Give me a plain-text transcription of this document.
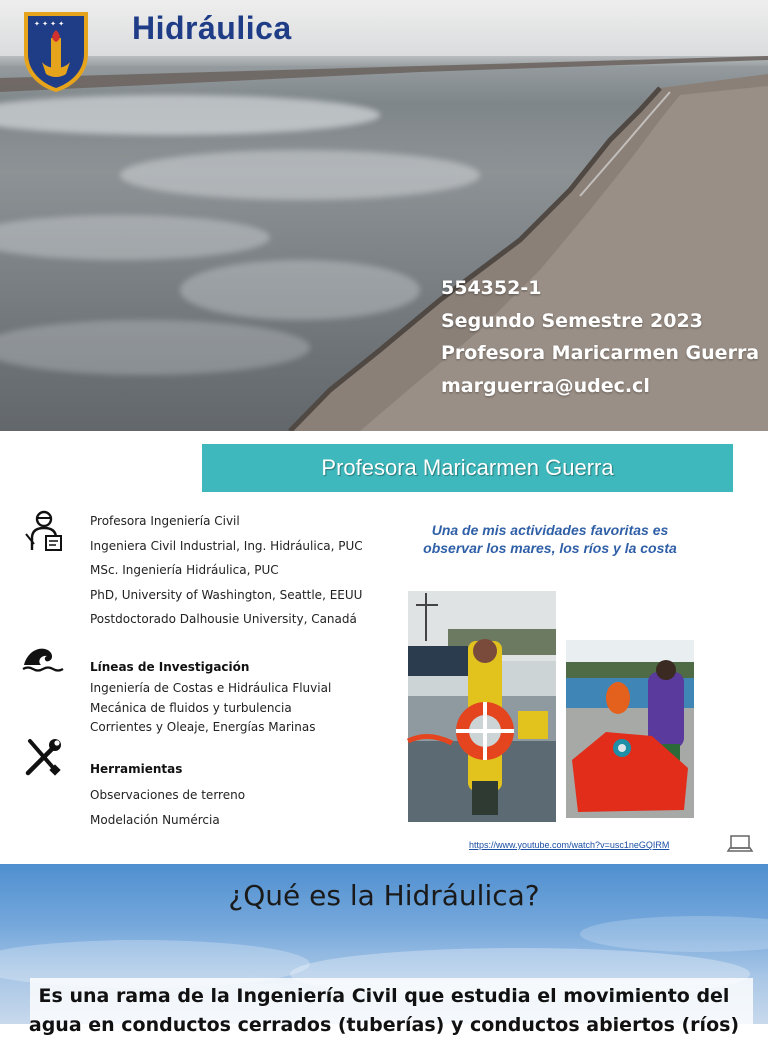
✦ ✦ ✦ ✦ Hidráulica
554352-1
Segundo Semestre 2023
Profesora Maricarmen Guerra
marguerra@udec.cl
Profesora Maricarmen Guerra
Profesora Ingeniería Civil
Ingeniera Civil Industrial, Ing. Hidráulica, PUC
MSc. Ingeniería Hidráulica, PUC
PhD, University of Washington, Seattle, EEUU
Postdoctorado Dalhousie University, Canadá
Líneas de Investigación
Ingeniería de Costas e Hidráulica Fluvial
Mecánica de fluidos y turbulencia
Corrientes y Oleaje, Energías Marinas
Herramientas
Observaciones de terreno
Modelación Numércia
Una de mis actividades favoritas es
observar los mares, los ríos y la costa
https://www.youtube.com/watch?v=usc1neGQIRM
¿Qué es la Hidráulica?
Es una rama de la Ingeniería Civil que estudia el movimiento del
agua en conductos cerrados (tuberías) y conductos abiertos (ríos)
